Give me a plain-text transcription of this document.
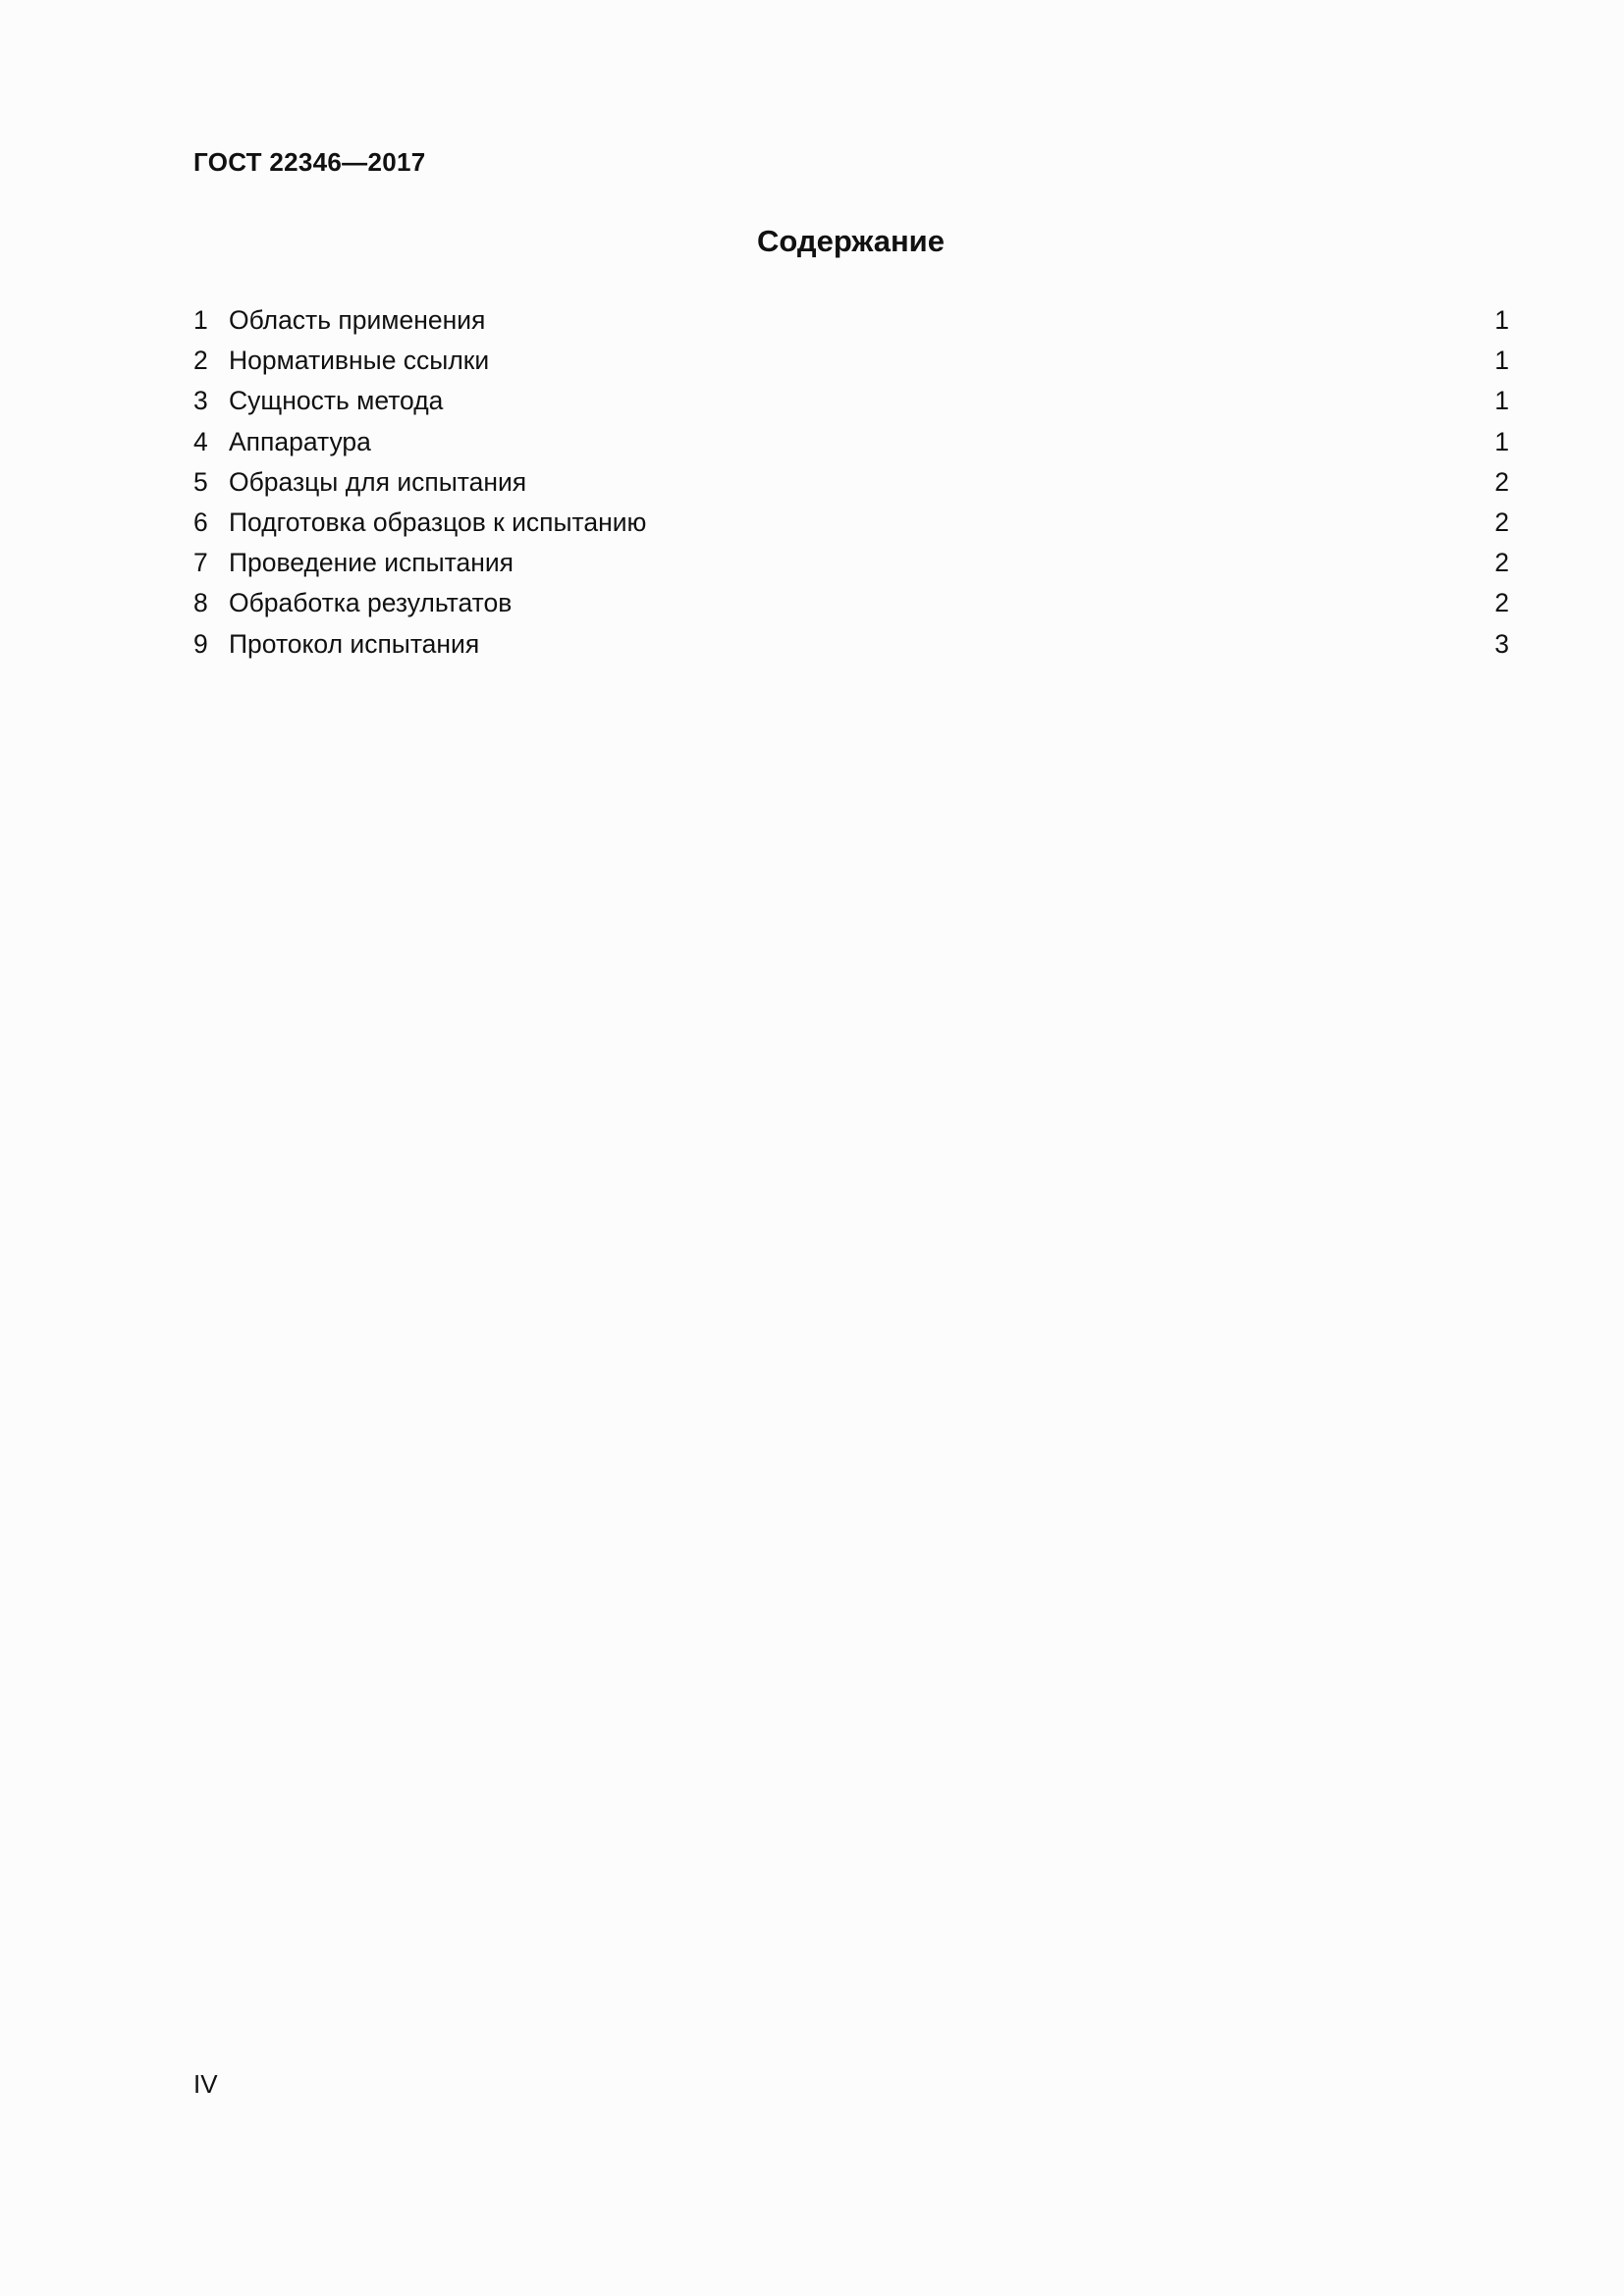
ГОСТ 22346—2017
Содержание
1 Область применения	1
2 Нормативные ссылки	1
3 Сущность метода	1
4 Аппаратура	1
5 Образцы для испытания	2
6 Подготовка образцов к испытанию	2
7 Проведение испытания	2
8 Обработка результатов	2
9 Протокол испытания	3
IV
